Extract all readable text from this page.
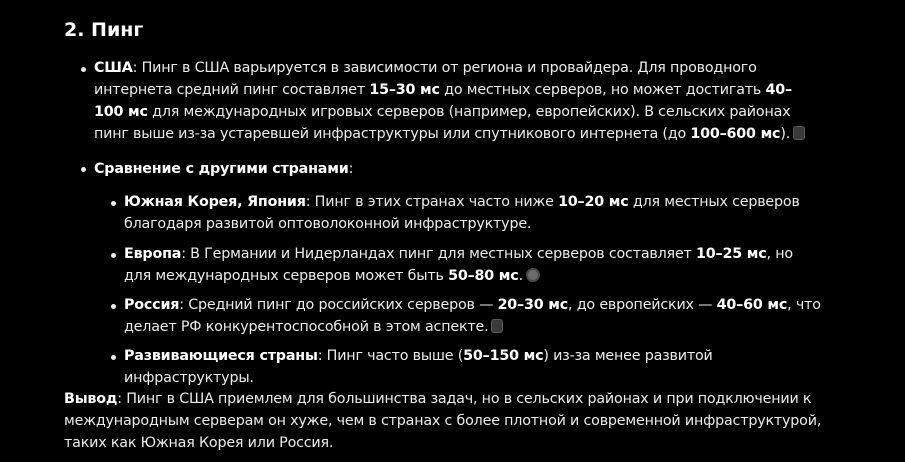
2. Пинг

США: Пинг в США варьируется в зависимости от региона и провайдера. Для проводного интернета средний пинг составляет 15–30 мс до местных серверов, но может достигать 40–100 мс для международных игровых серверов (например, европейских). В сельских районах пинг выше из-за устаревшей инфраструктуры или спутникового интернета (до 100–600 мс).

Сравнение с другими странами:

Южная Корея, Япония: Пинг в этих странах часто ниже 10–20 мс для местных серверов благодаря развитой оптоволоконной инфраструктуре.

Европа: В Германии и Нидерландах пинг для местных серверов составляет 10–25 мс, но для международных серверов может быть 50–80 мс.

Россия: Средний пинг до российских серверов — 20–30 мс, до европейских — 40–60 мс, что делает РФ конкурентоспособной в этом аспекте.

Развивающиеся страны: Пинг часто выше (50–150 мс) из-за менее развитой инфраструктуры.

Вывод: Пинг в США приемлем для большинства задач, но в сельских районах и при подключении к международным серверам он хуже, чем в странах с более плотной и современной инфраструктурой, таких как Южная Корея или Россия.
